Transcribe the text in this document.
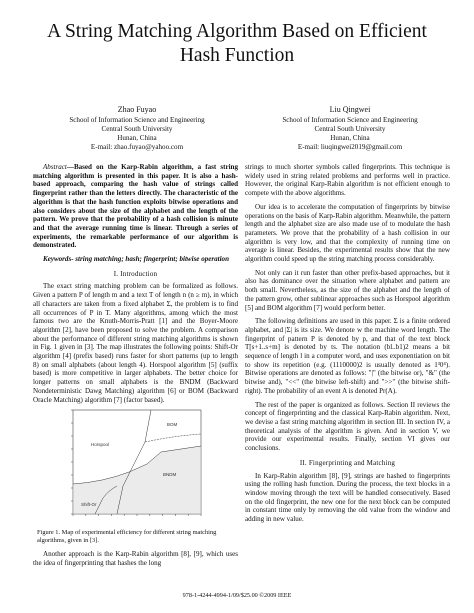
A String Matching Algorithm Based on Efficient
Hash Function
Zhao Fuyao
School of Information Science and Engineering
Central South University
Hunan, China
E-mail: zhao.fuyao@yahoo.com
Liu Qingwei
School of Information Science and Engineering
Central South University
Hunan, China
E-mail: liuqingwei2019@gmail.com

Abstract—Based on the Karp-Rabin algorithm, a fast string matching algorithm is presented in this paper. It is also a hash-based approach, comparing the hash value of strings called fingerprint rather than the letters directly. The characteristic of the algorithm is that the hash function exploits bitwise operations and also considers about the size of the alphabet and the length of the pattern. We prove that the probability of a hash collision is minute and that the average running time is linear. Through a series of experiments, the remarkable performance of our algorithm is demonstrated.

Keywords- string matching; hash; fingerprint; bitwise operation

I. Introduction

The exact string matching problem can be formalized as follows. Given a pattern P of length m and a text T of length n (n ≥ m), in which all characters are taken from a fixed alphabet Σ, the problem is to find all occurrences of P in T. Many algorithms, among which the most famous two are the Knuth-Morris-Pratt [1] and the Boyer-Moore algorithm [2], have been proposed to solve the problem. A comparison about the performance of different string matching algorithms is shown in Fig. 1 given in [3]. The map illustrates the following points: Shift-Or algorithm [4] (prefix based) runs faster for short patterns (up to length 8) on small alphabets (about length 4). Horspool algorithm [5] (suffix based) is more competitive in larger alphabets. The better choice for longer patterns on small alphabets is the BNDM (Backward Nondeterministic Dawg Matching) algorithm [6] or BOM (Backward Oracle Matching) algorithm [7] (factor based).

Shift-Or
Horspool
BNDM
BOM

Figure 1. Map of experimental efficiency for different string matching algorithms, given in [3].

Another approach is the Karp-Rabin algorithm [8], [9], which uses the idea of fingerprinting that hashes the long

strings to much shorter symbols called fingerprints. This technique is widely used in string related problems and performs well in practice. However, the original Karp-Rabin algorithm is not efficient enough to compete with the above algorithms.

Our idea is to accelerate the computation of fingerprints by bitwise operations on the basis of Karp-Rabin algorithm. Meanwhile, the pattern length and the alphabet size are also made use of to modulate the hash parameters. We prove that the probability of a hash collision in our algorithm is very low, and that the complexity of running time on average is linear. Besides, the experimental results show that the new algorithm could speed up the string matching process considerably.

Not only can it run faster than other prefix-based approaches, but it also has dominance over the situation where alphabet and pattern are both small. Nevertheless, as the size of the alphabet and the length of the pattern grow, other sublinear approaches such as Horspool algorithm [5] and BOM algorithm [7] would perform better.

The following definitions are used in this paper. Σ is a finite ordered alphabet, and |Σ| is its size. We denote w the machine word length. The fingerprint of pattern P is denoted by p, and that of the text block T[s+1..s+m] is denoted by ts. The notation (bl..b1)2 means a bit sequence of length l in a computer word, and uses exponentiation on bit to show its repetition (e.g. (1110000)2 is usually denoted as 1³0⁴). Bitwise operations are denoted as follows: "|" (the bitwise or), "&" (the bitwise and), "<<" (the bitwise left-shift) and ">>" (the bitwise shift-right). The probability of an event A is denoted Pr(A).

The rest of the paper is organized as follows. Section II reviews the concept of fingerprinting and the classical Karp-Rabin algorithm. Next, we devise a fast string matching algorithm in section III. In section IV, a theoretical analysis of the algorithm is given. And in section V, we provide our experimental results. Finally, section VI gives our conclusions.

II. Fingerprinting and Matching

In Karp-Rabin algorithm [8], [9], strings are hashed to fingerprints using the rolling hash function. During the process, the text blocks in a window moving through the text will be handled consecutively. Based on the old fingerprint, the new one for the next block can be computed in constant time only by removing the old value from the window and adding in new value.

978-1-4244-4994-1/09/$25.00 ©2009 IEEE
